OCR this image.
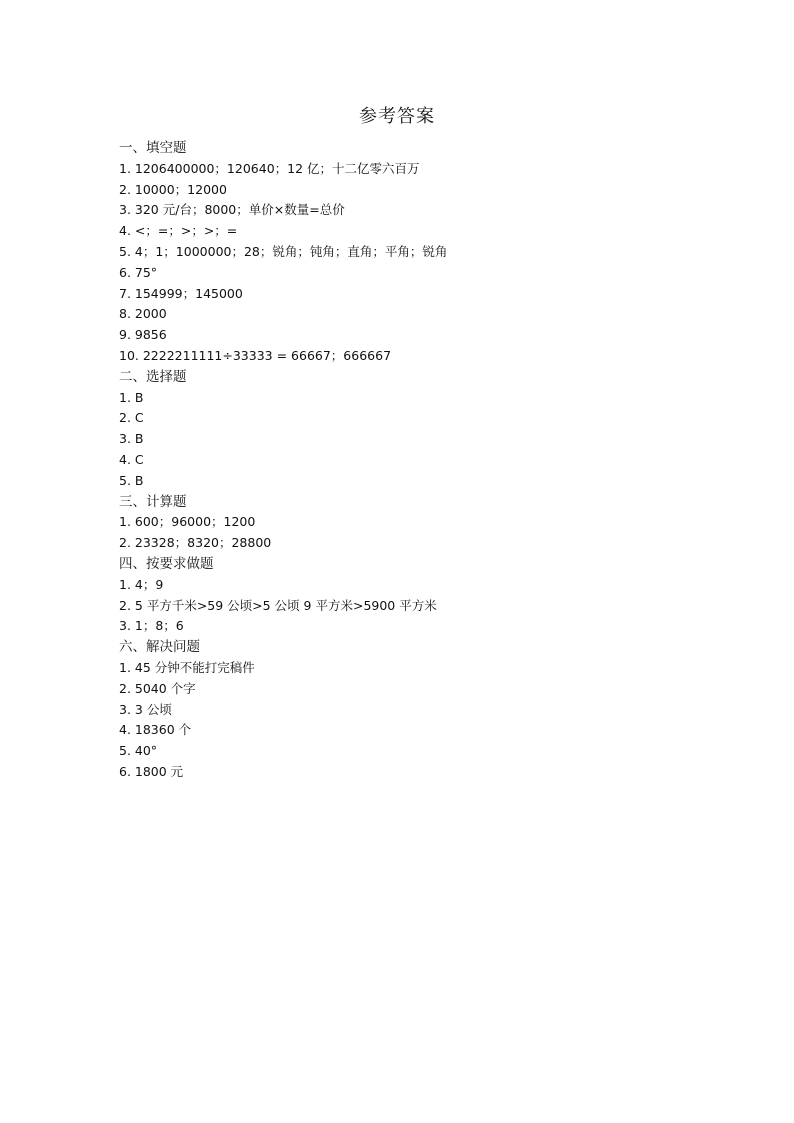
参考答案
一、填空题
1. 1206400000；120640；12 亿；十二亿零六百万
2. 10000；12000
3. 320 元/台；8000；单价×数量=总价
4. <；=；>；>；=
5. 4；1；1000000；28；锐角；钝角；直角；平角；锐角
6. 75°
7. 154999；145000
8. 2000
9. 9856
10. 2222211111÷33333 = 66667；666667
二、选择题
1. B
2. C
3. B
4. C
5. B
三、计算题
1. 600；96000；1200
2. 23328；8320；28800
四、按要求做题
1. 4；9
2. 5 平方千米>59 公顷>5 公顷 9 平方米>5900 平方米
3. 1；8；6
六、解决问题
1. 45 分钟不能打完稿件
2. 5040 个字
3. 3 公顷
4. 18360 个
5. 40°
6. 1800 元
